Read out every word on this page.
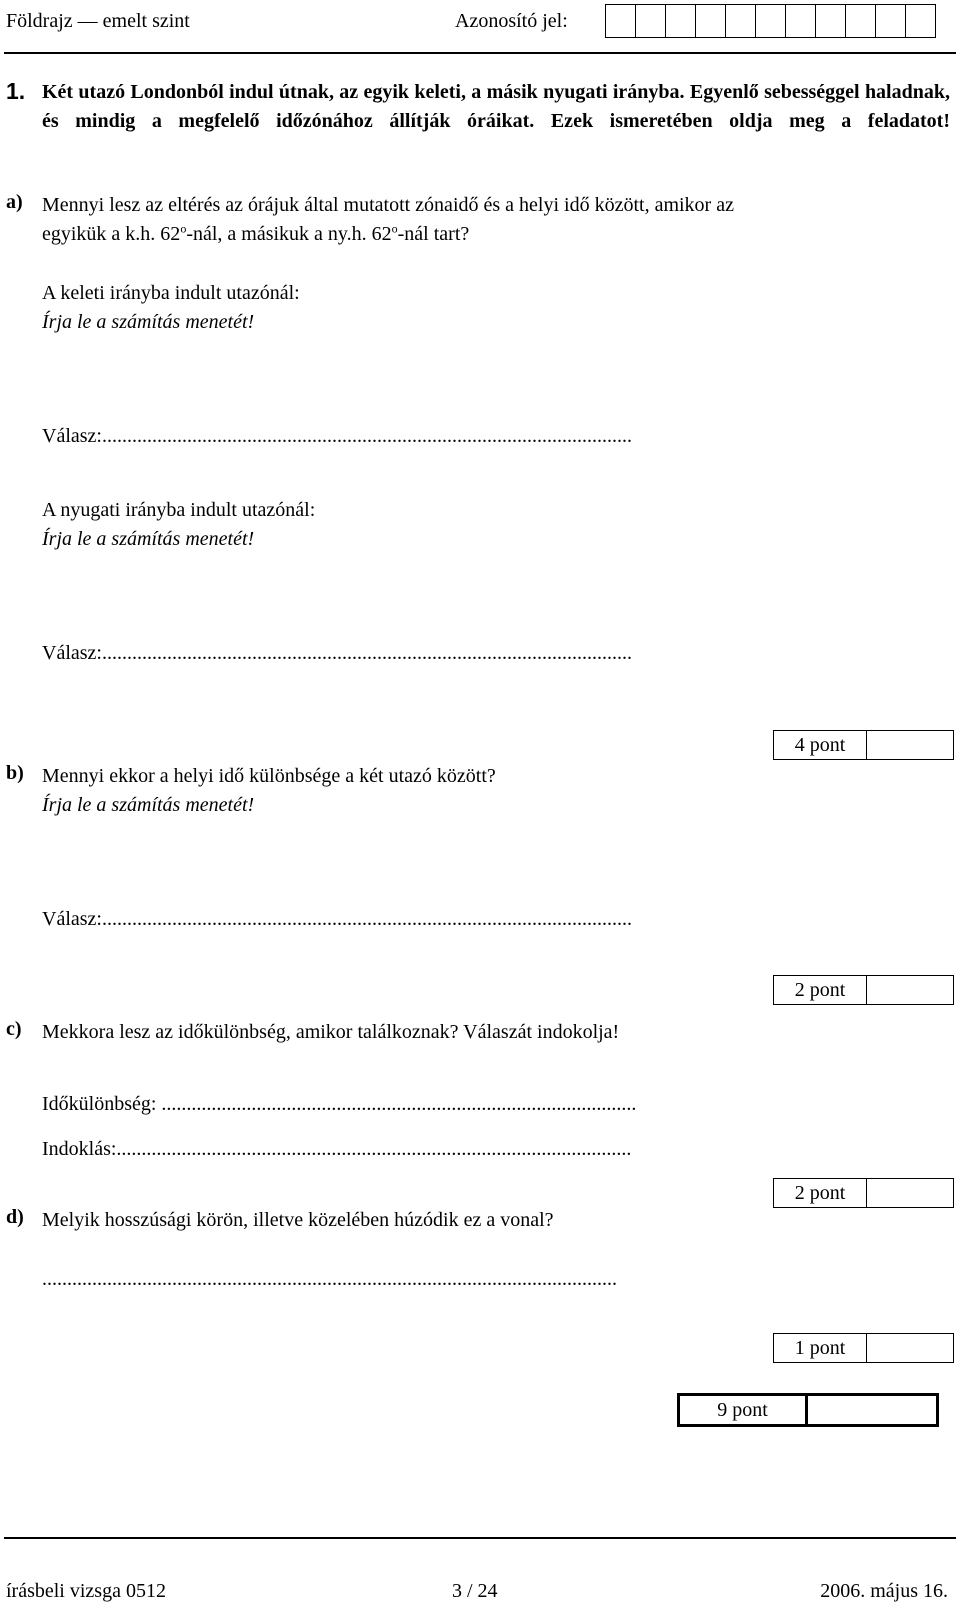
Földrajz — emelt szint	Azonosító jel:
1. Két utazó Londonból indul útnak, az egyik keleti, a másik nyugati irányba. Egyenlő sebességgel haladnak, és mindig a megfelelő időzónához állítják óráikat. Ezek ismeretében oldja meg a feladatot!
a) Mennyi lesz az eltérés az órájuk által mutatott zónaidő és a helyi idő között, amikor az
egyikük a k.h. 62$^o$-nál, a másikuk a ny.h. 62$^o$-nál tart?
A keleti irányba indult utazónál:
Írja le a számítás menetét!
Válasz:..........................................................................................................
A nyugati irányba indult utazónál:
Írja le a számítás menetét!
Válasz:..........................................................................................................
4 pont
b) Mennyi ekkor a helyi idő különbsége a két utazó között?
Írja le a számítás menetét!
Válasz:..........................................................................................................
2 pont
c) Mekkora lesz az időkülönbség, amikor találkoznak? Válaszát indokolja!
Időkülönbség: ...............................................................................................
Indoklás:.......................................................................................................
2 pont
d) Melyik hosszúsági körön, illetve közelében húzódik ez a vonal?
...................................................................................................................
1 pont
9 pont
írásbeli vizsga 0512	3 / 24	2006. május 16.
